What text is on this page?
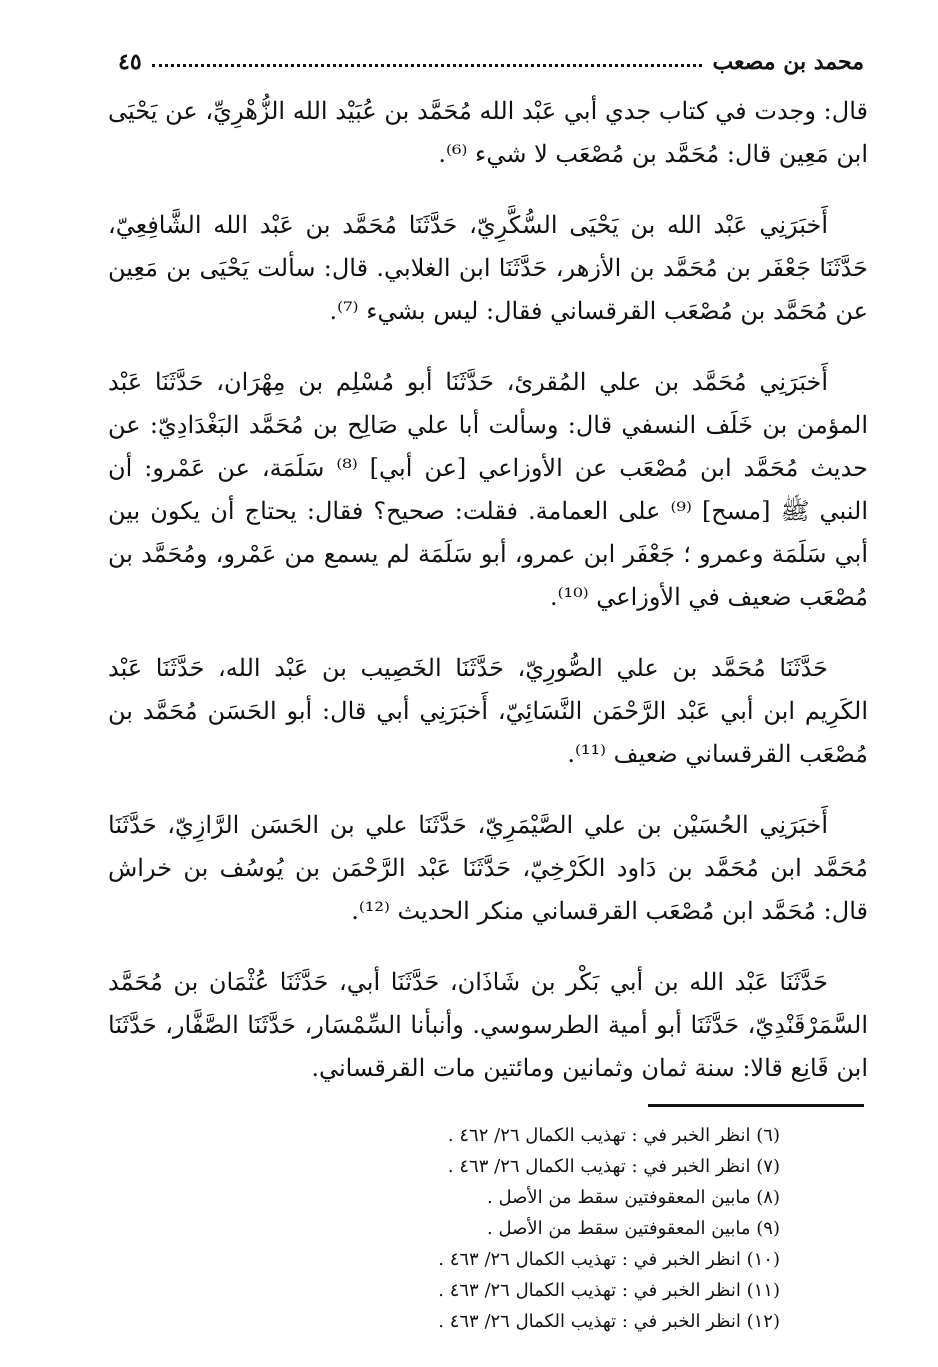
محمد بن مصعب
٤٥

قال: وجدت في كتاب جدي أبي عَبْد الله مُحَمَّد بن عُبَيْد الله الزُّهْرِيِّ، عن يَحْيَى ابن مَعِين قال: مُحَمَّد بن مُصْعَب لا شيء ⁽⁶⁾.

أَخبَرَنِي عَبْد الله بن يَحْيَى السُّكَّرِيّ، حَدَّثَنَا مُحَمَّد بن عَبْد الله الشَّافِعِيّ، حَدَّثَنَا جَعْفَر بن مُحَمَّد بن الأزهر، حَدَّثَنَا ابن الغلابي. قال: سألت يَحْيَى بن مَعِين عن مُحَمَّد بن مُصْعَب القرقساني فقال: ليس بشيء ⁽⁷⁾.

أَخبَرَنِي مُحَمَّد بن علي المُقرئ، حَدَّثَنَا أبو مُسْلِم بن مِهْرَان، حَدَّثَنَا عَبْد المؤمن بن خَلَف النسفي قال: وسألت أبا علي صَالِح بن مُحَمَّد البَغْدَادِيّ: عن حديث مُحَمَّد ابن مُصْعَب عن الأوزاعي [عن أبي] ⁽⁸⁾ سَلَمَة، عن عَمْرو: أن النبي ﷺ [مسح] ⁽⁹⁾ على العمامة. فقلت: صحيح؟ فقال: يحتاج أن يكون بين أبي سَلَمَة وعمرو ؛ جَعْفَر ابن عمرو، أبو سَلَمَة لم يسمع من عَمْرو، ومُحَمَّد بن مُصْعَب ضعيف في الأوزاعي ⁽¹⁰⁾.

حَدَّثَنَا مُحَمَّد بن علي الصُّورِيّ، حَدَّثَنَا الخَصِيب بن عَبْد الله، حَدَّثَنَا عَبْد الكَرِيم ابن أبي عَبْد الرَّحْمَن النَّسَائِيّ، أَخبَرَنِي أبي قال: أبو الحَسَن مُحَمَّد بن مُصْعَب القرقساني ضعيف ⁽¹¹⁾.

أَخبَرَنِي الحُسَيْن بن علي الصَّيْمَرِيّ، حَدَّثَنَا علي بن الحَسَن الرَّازِيّ، حَدَّثَنَا مُحَمَّد ابن مُحَمَّد بن دَاود الكَرْخِيّ، حَدَّثَنَا عَبْد الرَّحْمَن بن يُوسُف بن خراش قال: مُحَمَّد ابن مُصْعَب القرقساني منكر الحديث ⁽¹²⁾.

حَدَّثَنَا عَبْد الله بن أبي بَكْر بن شَاذَان، حَدَّثَنَا أبي، حَدَّثَنَا عُثْمَان بن مُحَمَّد السَّمَرْقَنْدِيّ، حَدَّثَنَا أبو أمية الطرسوسي. وأنبأنا السِّمْسَار، حَدَّثَنَا الصَّفَّار، حَدَّثَنَا ابن قَانِع قالا: سنة ثمان وثمانين ومائتين مات القرقساني.

(٦) انظر الخبر في : تهذيب الكمال ٢٦/ ٤٦٢ .
(٧) انظر الخبر في : تهذيب الكمال ٢٦/ ٤٦٣ .
(٨) مابين المعقوفتين سقط من الأصل .
(٩) مابين المعقوفتين سقط من الأصل .
(١٠) انظر الخبر في : تهذيب الكمال ٢٦/ ٤٦٣ .
(١١) انظر الخبر في : تهذيب الكمال ٢٦/ ٤٦٣ .
(١٢) انظر الخبر في : تهذيب الكمال ٢٦/ ٤٦٣ .
